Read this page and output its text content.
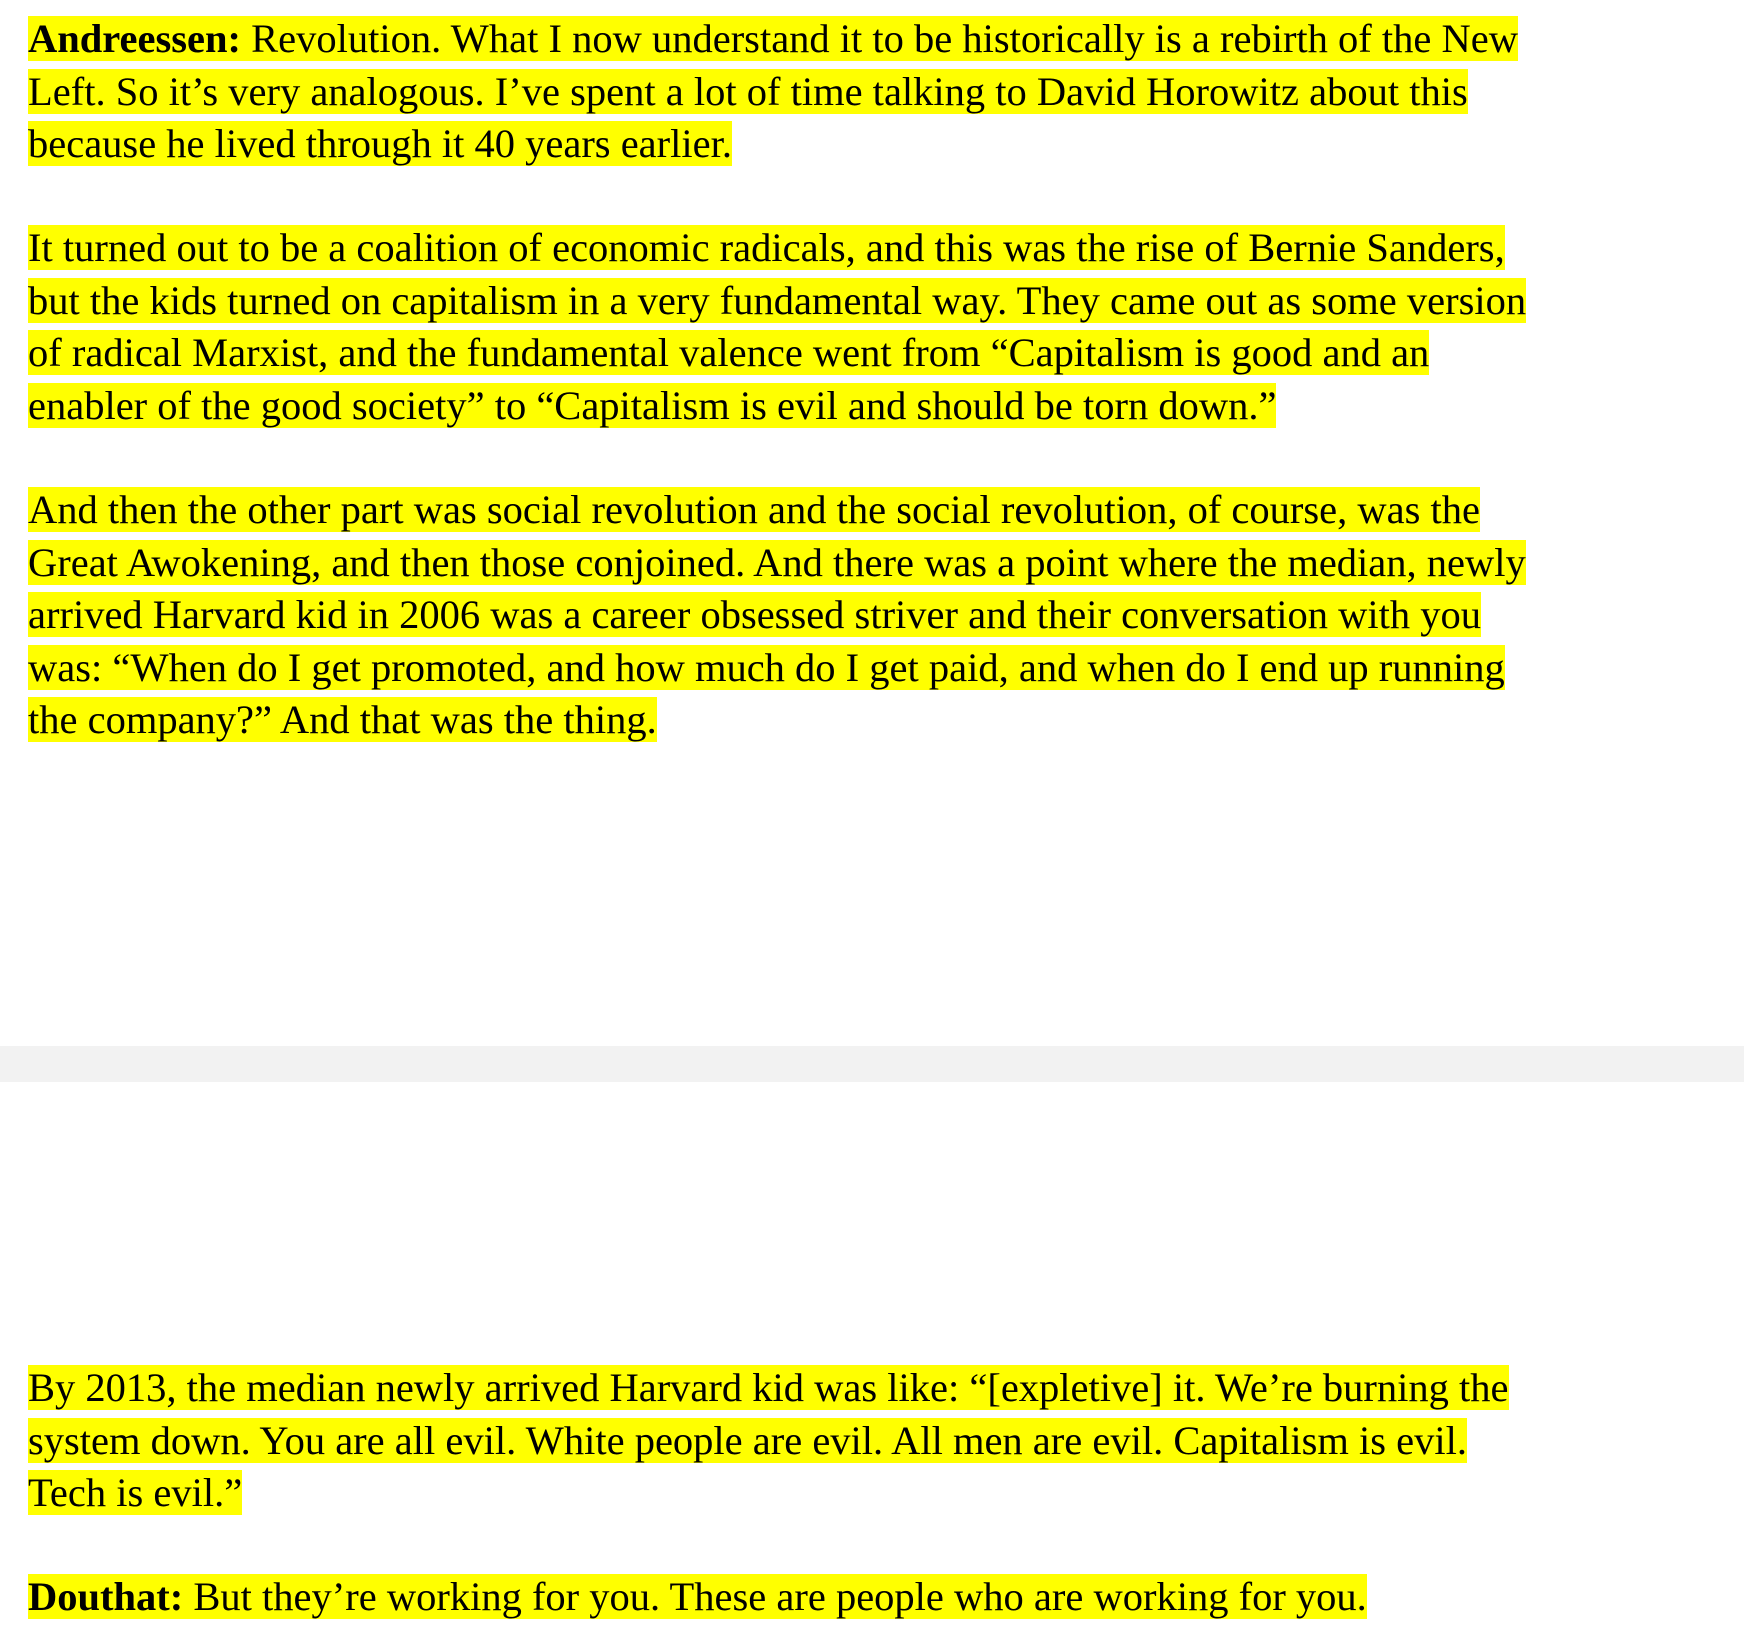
Andreessen: Revolution. What I now understand it to be historically is a rebirth of the New
Left. So it’s very analogous. I’ve spent a lot of time talking to David Horowitz about this
because he lived through it 40 years earlier.

It turned out to be a coalition of economic radicals, and this was the rise of Bernie Sanders,
but the kids turned on capitalism in a very fundamental way. They came out as some version
of radical Marxist, and the fundamental valence went from “Capitalism is good and an
enabler of the good society” to “Capitalism is evil and should be torn down.”

And then the other part was social revolution and the social revolution, of course, was the
Great Awokening, and then those conjoined. And there was a point where the median, newly
arrived Harvard kid in 2006 was a career obsessed striver and their conversation with you
was: “When do I get promoted, and how much do I get paid, and when do I end up running
the company?” And that was the thing.

By 2013, the median newly arrived Harvard kid was like: “[expletive] it. We’re burning the
system down. You are all evil. White people are evil. All men are evil. Capitalism is evil.
Tech is evil.”

Douthat: But they’re working for you. These are people who are working for you.
